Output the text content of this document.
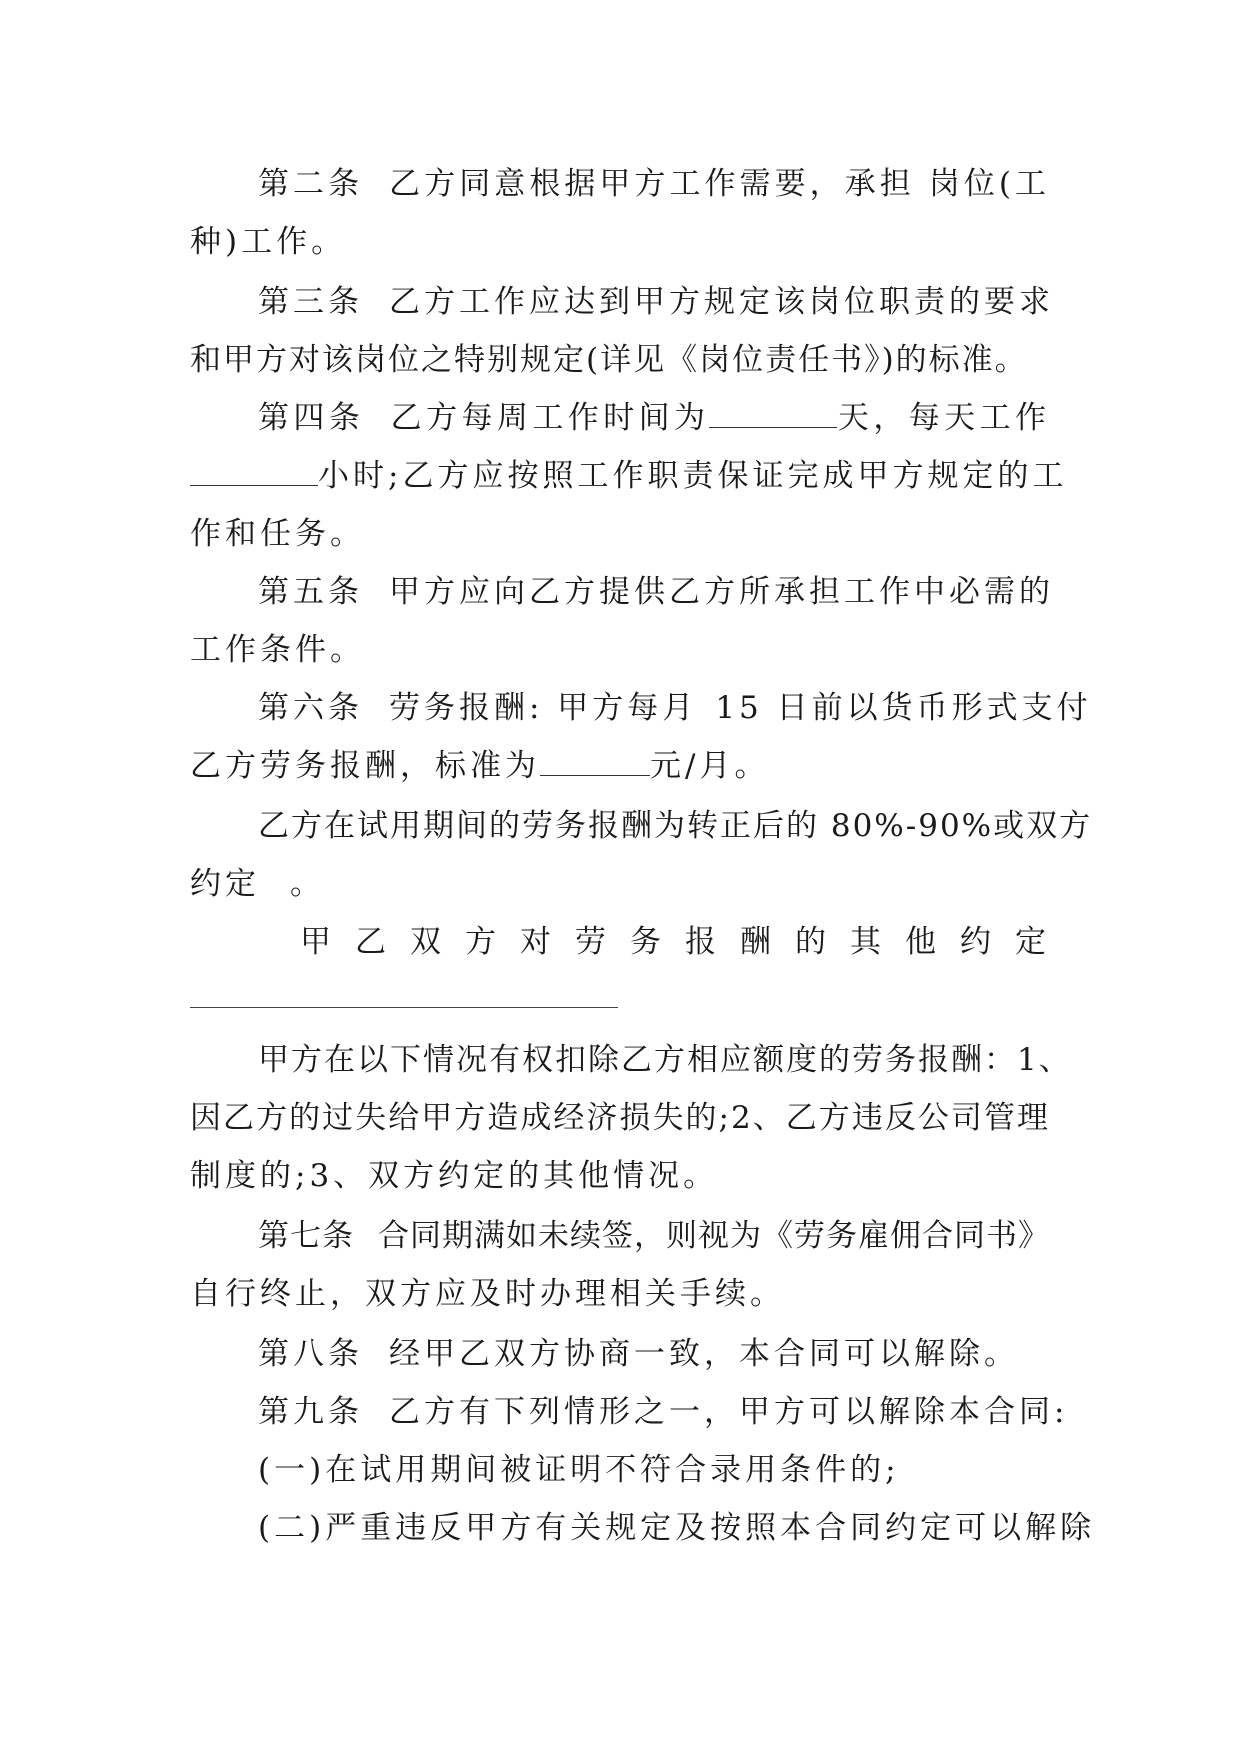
第二条 乙方同意根据甲方工作需要，承担 岗位(工
种)工作。
第三条 乙方工作应达到甲方规定该岗位职责的要求
和甲方对该岗位之特别规定(详见《岗位责任书》)的标准。
第四条 乙方每周工作时间为	天，每天工作
小时;乙方应按照工作职责保证完成甲方规定的工
作和任务。
第五条 甲方应向乙方提供乙方所承担工作中必需的
工作条件。
第六条 劳务报酬: 甲方每月 15 日前以货币形式支付
乙方劳务报酬，标准为	元/月。
乙方在试用期间的劳务报酬为转正后的 80%-90%或双方
约定 。
甲乙双方对劳务报酬的其他约定
甲方在以下情况有权扣除乙方相应额度的劳务报酬：1、
因乙方的过失给甲方造成经济损失的;2、乙方违反公司管理
制度的;3、双方约定的其他情况。
第七条 合同期满如未续签，则视为《劳务雇佣合同书》
自行终止，双方应及时办理相关手续。
第八条 经甲乙双方协商一致，本合同可以解除。
第九条 乙方有下列情形之一，甲方可以解除本合同:
(一)在试用期间被证明不符合录用条件的;
(二)严重违反甲方有关规定及按照本合同约定可以解除
